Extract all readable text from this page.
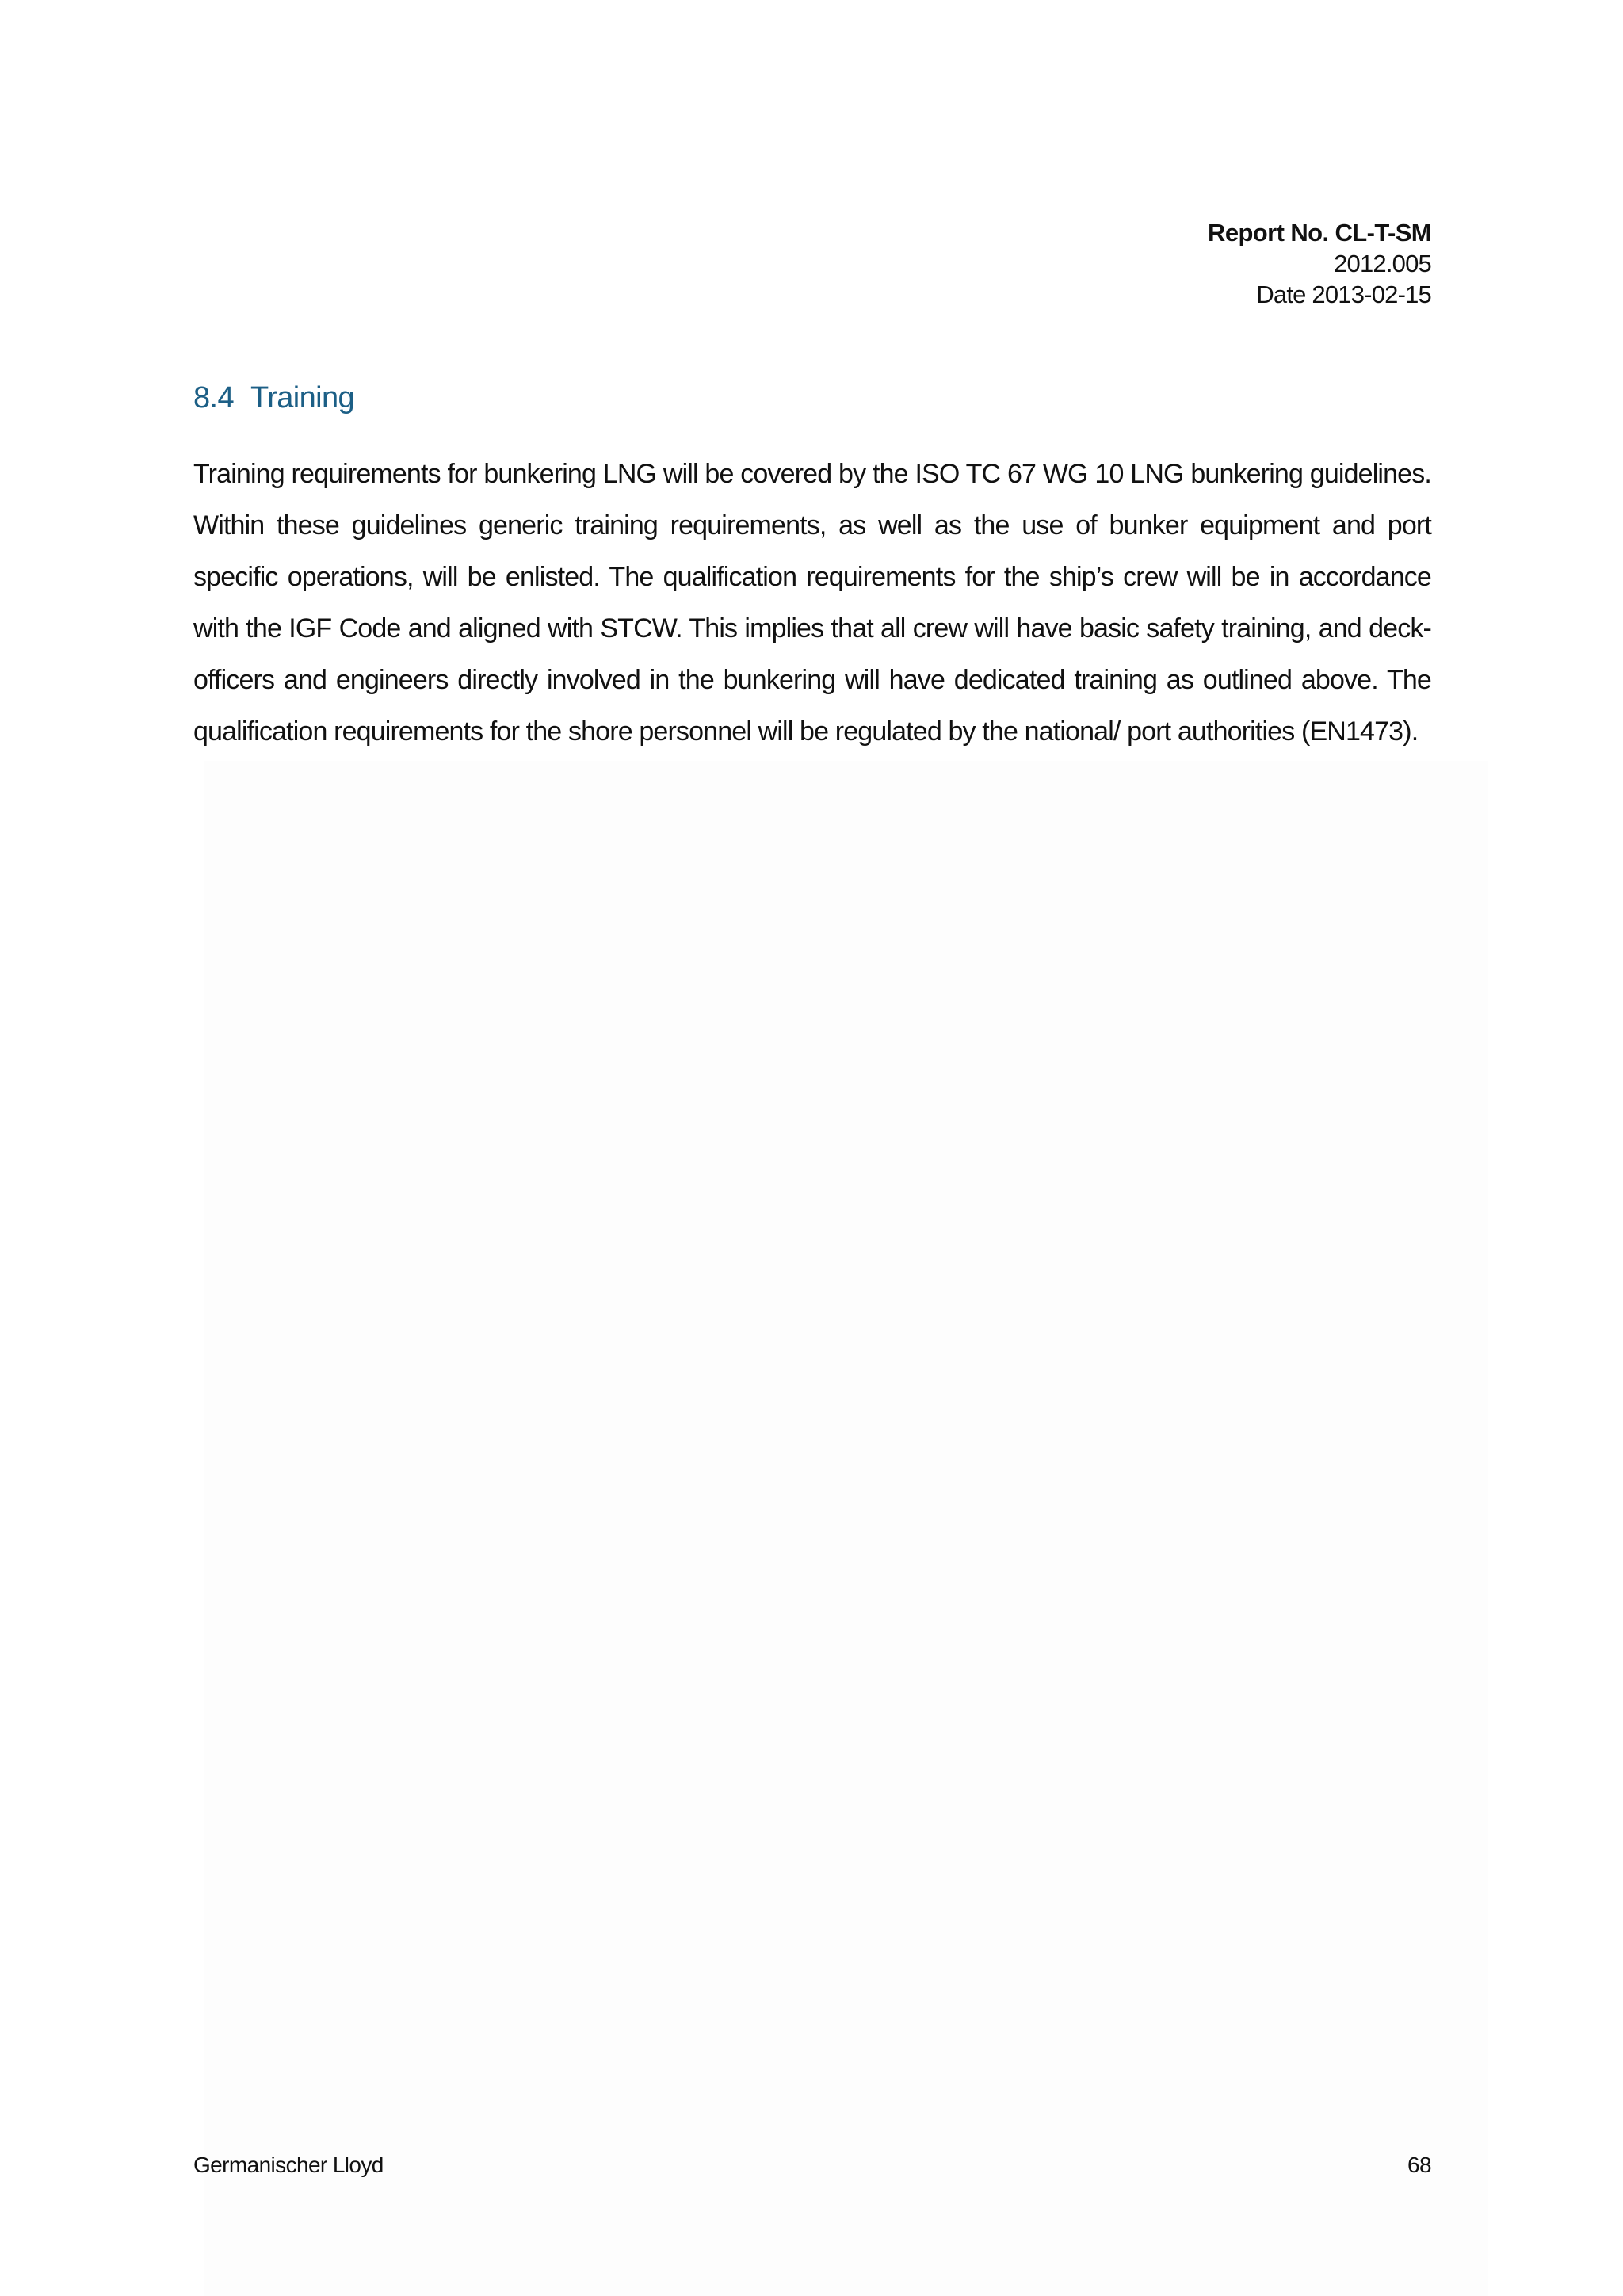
Report No. CL-T-SM
2012.005
Date 2013-02-15
8.4 Training

Training requirements for bunkering LNG will be covered by the ISO TC 67 WG 10 LNG bunkering guidelines. Within these guidelines generic training requirements, as well as the use of bunker equipment and port specific operations, will be enlisted. The qualification requirements for the ship’s crew will be in accordance with the IGF Code and aligned with STCW. This implies that all crew will have basic safety training, and deck-officers and engineers directly involved in the bunkering will have dedicated training as outlined above. The qualification requirements for the shore personnel will be regulated by the national/ port authorities (EN1473).

Germanischer Lloyd	68
